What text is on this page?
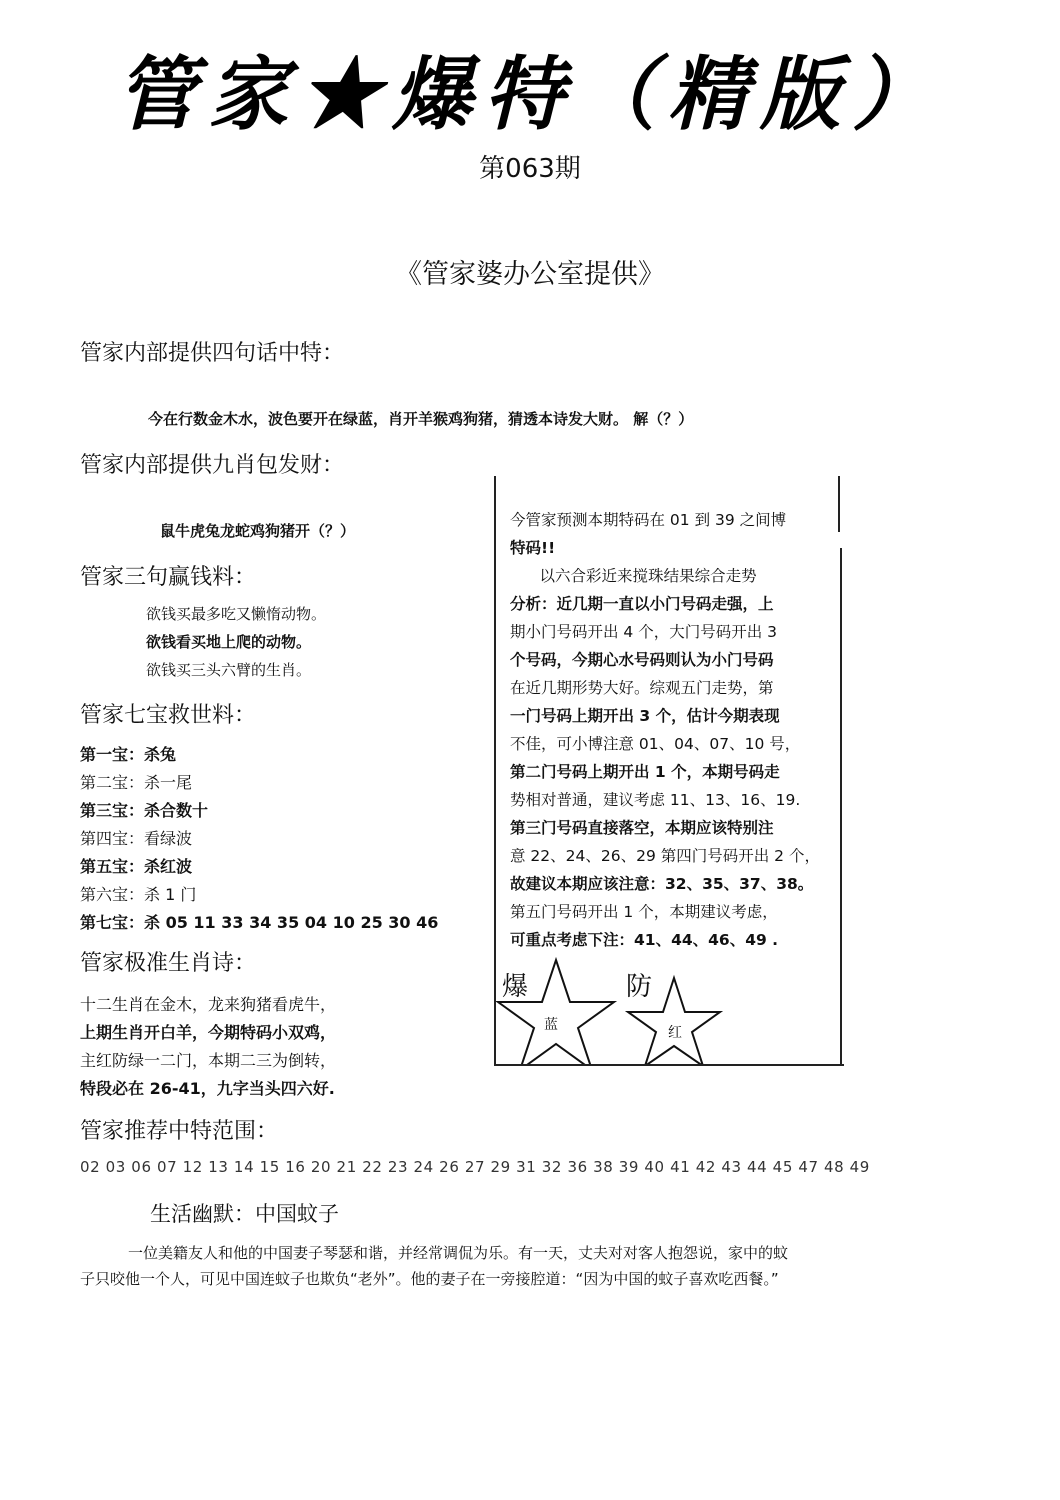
管家★爆特（精版）
第063期
《管家婆办公室提供》
管家内部提供四句话中特：
今在行数金木水，波色要开在绿蓝，肖开羊猴鸡狗猪，猜透本诗发大财。 解（？）
管家内部提供九肖包发财：
鼠牛虎兔龙蛇鸡狗猪开（？）
管家三句赢钱料：
欲钱买最多吃又懒惰动物。
欲钱看买地上爬的动物。
欲钱买三头六臂的生肖。
管家七宝救世料：
第一宝：杀兔
第二宝：杀一尾
第三宝：杀合数十
第四宝：看绿波
第五宝：杀红波
第六宝：杀 1 门
第七宝：杀 05 11 33 34 35 04 10 25 30 46
管家极准生肖诗：
十二生肖在金木，龙来狗猪看虎牛，
上期生肖开白羊，今期特码小双鸡，
主红防绿一二门，本期二三为倒转，
特段必在 26-41，九字当头四六好.
管家推荐中特范围：
02 03 06 07 12 13 14 15 16 20 21 22 23 24 26 27 29 31 32 36 38 39 40 41 42 43 44 45 47 48 49
生活幽默：中国蚊子
一位美籍友人和他的中国妻子琴瑟和谐，并经常调侃为乐。有一天，丈夫对对客人抱怨说，家中的蚊
子只咬他一个人，可见中国连蚊子也欺负“老外”。他的妻子在一旁接腔道：“因为中国的蚊子喜欢吃西餐。”
今管家预测本期特码在 01 到 39 之间博
特码!!
以六合彩近来搅珠结果综合走势
分析：近几期一直以小门号码走强，上
期小门号码开出 4 个，大门号码开出 3
个号码，今期心水号码则认为小门号码
在近几期形势大好。综观五门走势，第
一门号码上期开出 3 个，估计今期表现
不佳，可小博注意 01、04、07、10 号，
第二门号码上期开出 1 个，本期号码走
势相对普通，建议考虑 11、13、16、19.
第三门号码直接落空，本期应该特别注
意 22、24、26、29 第四门号码开出 2 个，
故建议本期应该注意：32、35、37、38。
第五门号码开出 1 个，本期建议考虑，
可重点考虑下注：41、44、46、49 .
爆	防
蓝	红
